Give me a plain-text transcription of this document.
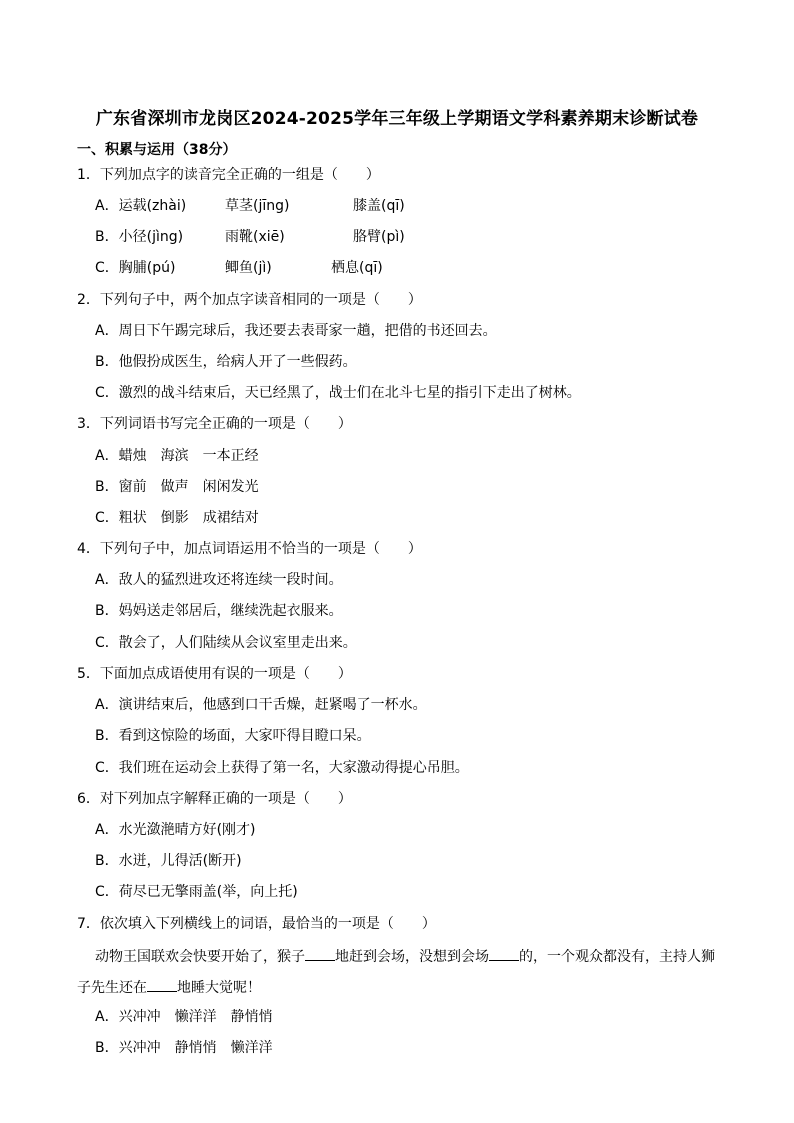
广东省深圳市龙岗区2024-2025学年三年级上学期语文学科素养期末诊断试卷
一、积累与运用（38分）
1．下列加点字的读音完全正确的一组是（　　）
A．运载(zhài)	草茎(jīng)	膝盖(qī)
B．小径(jìng)	雨靴(xiē)	胳臂(pì)
C．胸脯(pú)	鲫鱼(jì)	栖息(qī)
2．下列句子中，两个加点字读音相同的一项是（　　）
A．周日下午踢完球后，我还要去表哥家一趟，把借的书还回去。
B．他假扮成医生，给病人开了一些假药。
C．激烈的战斗结束后，天已经黑了，战士们在北斗七星的指引下走出了树林。
3．下列词语书写完全正确的一项是（　　）
A．蜡烛 海滨 一本正经
B．窗前 做声 闲闲发光
C．粗状 倒影 成裙结对
4．下列句子中，加点词语运用不恰当的一项是（　　）
A．敌人的猛烈进攻还将连续一段时间。
B．妈妈送走邻居后，继续洗起衣服来。
C．散会了，人们陆续从会议室里走出来。
5．下面加点成语使用有误的一项是（　　）
A．演讲结束后，他感到口干舌燥，赶紧喝了一杯水。
B．看到这惊险的场面，大家吓得目瞪口呆。
C．我们班在运动会上获得了第一名，大家激动得提心吊胆。
6．对下列加点字解释正确的一项是（　　）
A．水光潋滟晴方好(刚才)
B．水迸，儿得活(断开)
C．荷尽已无擎雨盖(举，向上托)
7．依次填入下列横线上的词语，最恰当的一项是（　　）
动物王国联欢会快要开始了，猴子 地赶到会场，没想到会场 的，一个观众都没有，主持人狮
子先生还在 地睡大觉呢！
A．兴冲冲 懒洋洋 静悄悄
B．兴冲冲 静悄悄 懒洋洋
